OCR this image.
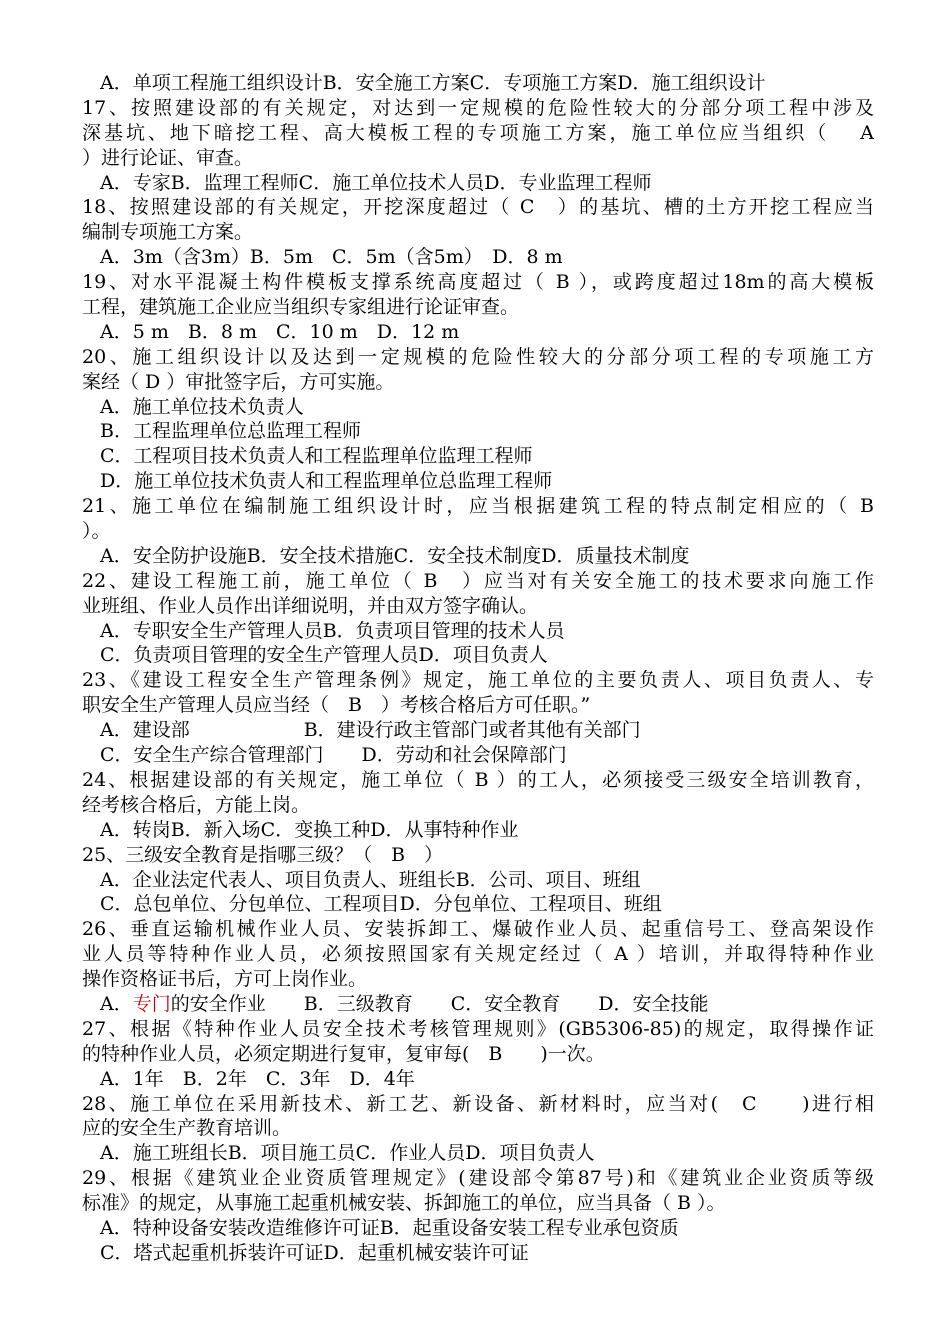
A．单项工程施工组织设计B．安全施工方案C．专项施工方案D．施工组织设计
17、按照建设部的有关规定，对达到一定规模的危险性较大的分部分项工程中涉及
深基坑、地下暗挖工程、高大模板工程的专项施工方案，施工单位应当组织（　 A
）进行论证、审查。
A．专家B．监理工程师C．施工单位技术人员D．专业监理工程师
18、按照建设部的有关规定，开挖深度超过（ C　）的基坑、槽的土方开挖工程应当
编制专项施工方案。
A．3m（含3m）B．5m　C．5m（含5m）　D．8 m
19、对水平混凝土构件模板支撑系统高度超过（ B ），或跨度超过18m的高大模板
工程，建筑施工企业应当组织专家组进行论证审查。
A．5 m　B．8 m　C．10 m　D．12 m
20、施工组织设计以及达到一定规模的危险性较大的分部分项工程的专项施工方
案经（ D ）审批签字后，方可实施。
A．施工单位技术负责人
B．工程监理单位总监理工程师
C．工程项目技术负责人和工程监理单位监理工程师
D．施工单位技术负责人和工程监理单位总监理工程师
21、施工单位在编制施工组织设计时，应当根据建筑工程的特点制定相应的（ B
）。
A．安全防护设施B．安全技术措施C．安全技术制度D．质量技术制度
22、建设工程施工前，施工单位（ B　）应当对有关安全施工的技术要求向施工作
业班组、作业人员作出详细说明，并由双方签字确认。
A．专职安全生产管理人员B．负责项目管理的技术人员
C．负责项目管理的安全生产管理人员D．项目负责人
23、《建设工程安全生产管理条例》规定，施工单位的主要负责人、项目负责人、专
职安全生产管理人员应当经（　B　）考核合格后方可任职。”
A．建设部　　　　　　B．建设行政主管部门或者其他有关部门
C．安全生产综合管理部门　　D．劳动和社会保障部门
24、根据建设部的有关规定，施工单位（ B ）的工人，必须接受三级安全培训教育，
经考核合格后，方能上岗。
A．转岗B．新入场C．变换工种D．从事特种作业
25、三级安全教育是指哪三级？（　B　）
A．企业法定代表人、项目负责人、班组长B．公司、项目、班组
C．总包单位、分包单位、工程项目D．分包单位、工程项目、班组
26、垂直运输机械作业人员、安装拆卸工、爆破作业人员、起重信号工、登高架设作
业人员等特种作业人员，必须按照国家有关规定经过（ A ）培训，并取得特种作业
操作资格证书后，方可上岗作业。
A．专门的安全作业　　B．三级教育　　C．安全教育　　D．安全技能
27、根据《特种作业人员安全技术考核管理规则》(GB5306-85)的规定，取得操作证
的特种作业人员，必须定期进行复审，复审每(　B　　)一次。
A．1年　B．2年　C．3年　D．4年
28、施工单位在采用新技术、新工艺、新设备、新材料时，应当对(　C　　)进行相
应的安全生产教育培训。
A．施工班组长B．项目施工员C．作业人员D．项目负责人
29、根据《建筑业企业资质管理规定》(建设部令第87号)和《建筑业企业资质等级
标准》的规定，从事施工起重机械安装、拆卸施工的单位，应当具备（ B ）。
A．特种设备安装改造维修许可证B．起重设备安装工程专业承包资质
C．塔式起重机拆装许可证D．起重机械安装许可证
